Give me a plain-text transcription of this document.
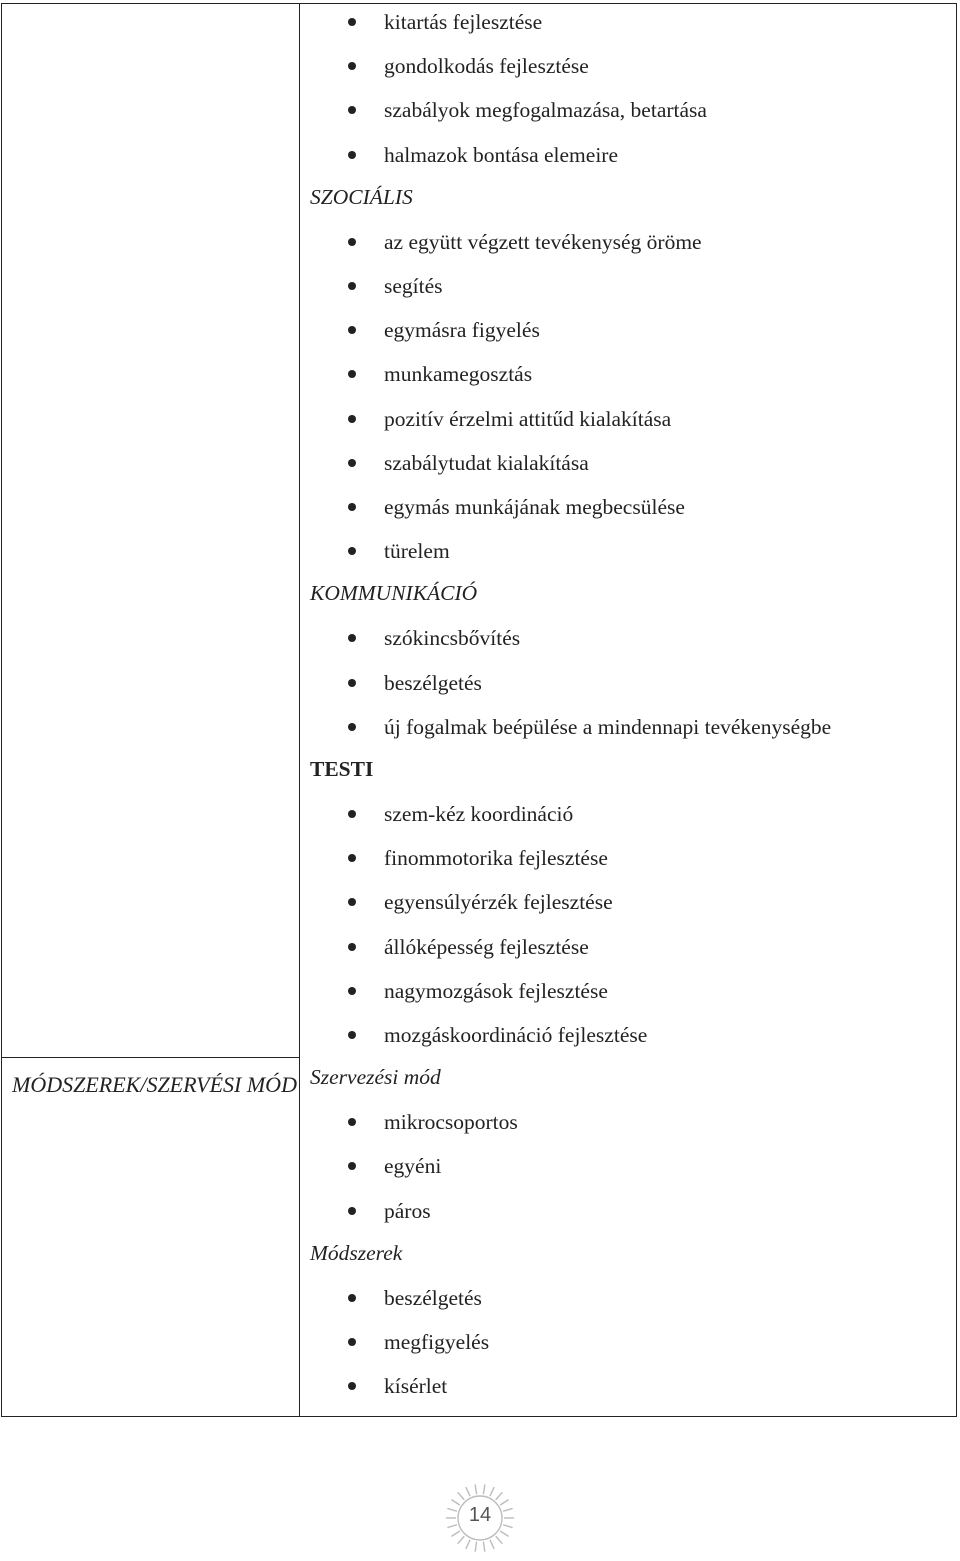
MÓDSZEREK/SZERVÉSI MÓD
kitartás fejlesztése
gondolkodás fejlesztése
szabályok megfogalmazása, betartása
halmazok bontása elemeire
SZOCIÁLIS
az együtt végzett tevékenység öröme
segítés
egymásra figyelés
munkamegosztás
pozitív érzelmi attitűd kialakítása
szabálytudat kialakítása
egymás munkájának megbecsülése
türelem
KOMMUNIKÁCIÓ
szókincsbővítés
beszélgetés
új fogalmak beépülése a mindennapi tevékenységbe
TESTI
szem-kéz koordináció
finommotorika fejlesztése
egyensúlyérzék fejlesztése
állóképesség fejlesztése
nagymozgások fejlesztése
mozgáskoordináció fejlesztése
Szervezési mód
mikrocsoportos
egyéni
páros
Módszerek
beszélgetés
megfigyelés
kísérlet
14
